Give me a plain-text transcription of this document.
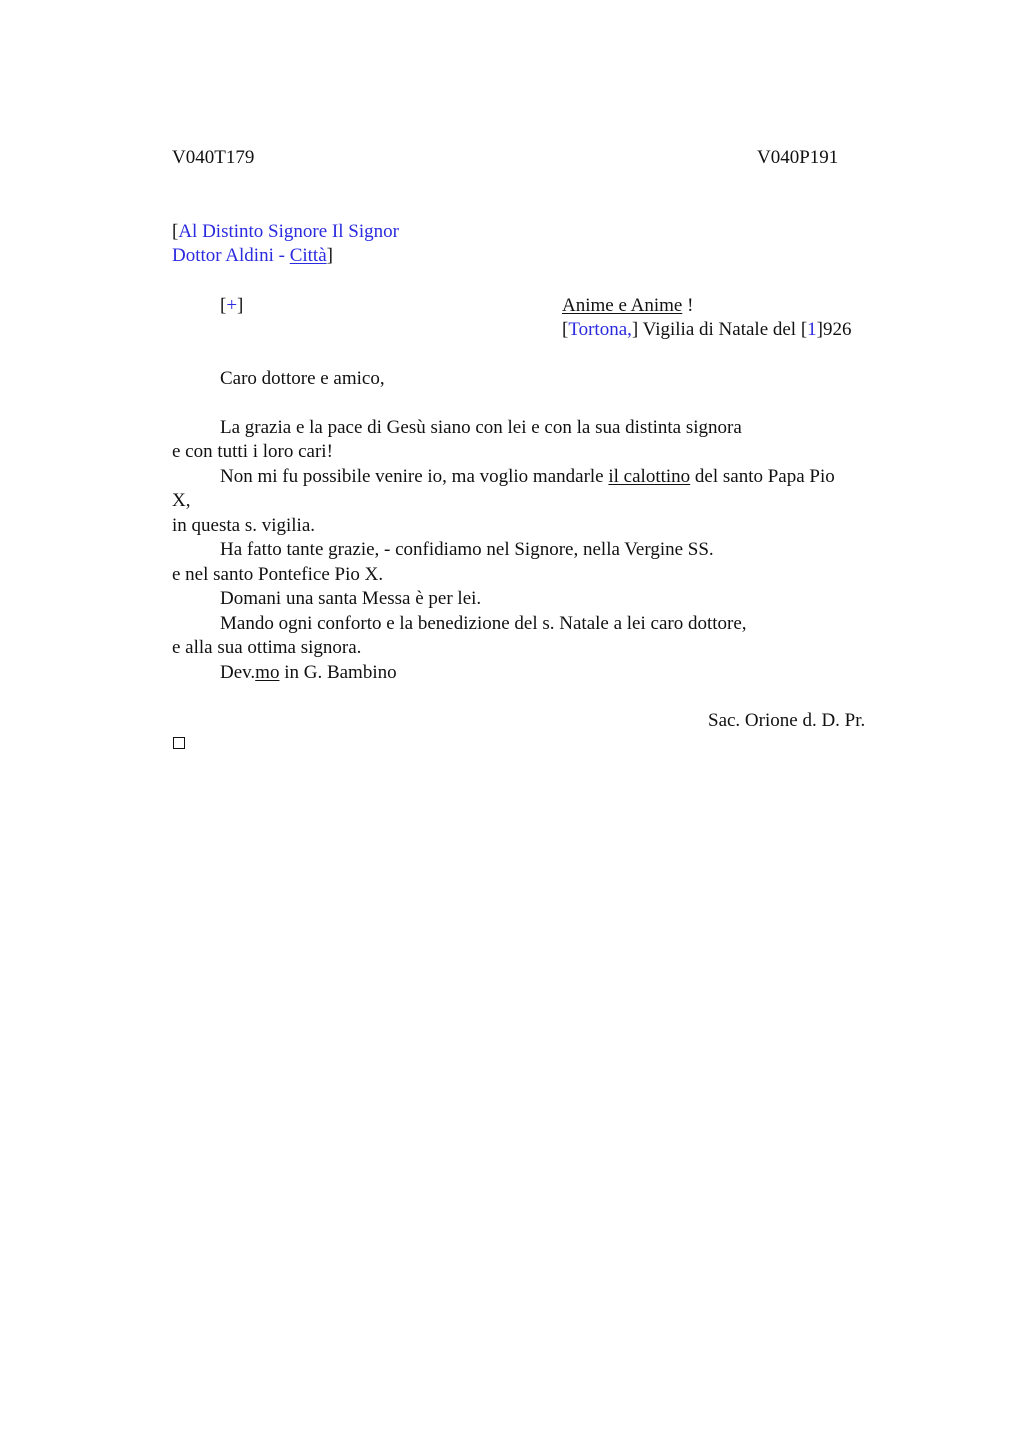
V040T179	V040P191
[Al Distinto Signore Il Signor
Dottor Aldini - Città]
[+]	Anime e Anime !
[Tortona,] Vigilia di Natale del [1]926
Caro dottore e amico,
La grazia e la pace di Gesù siano con lei e con la sua distinta signora
e con tutti i loro cari!
Non mi fu possibile venire io, ma voglio mandarle il calottino del santo Papa Pio
X,
in questa s. vigilia.
Ha fatto tante grazie, - confidiamo nel Signore, nella Vergine SS.
e nel santo Pontefice Pio X.
Domani una santa Messa è per lei.
Mando ogni conforto e la benedizione del s. Natale a lei caro dottore,
e alla sua ottima signora.
Dev.mo in G. Bambino
Sac. Orione d. D. Pr.
